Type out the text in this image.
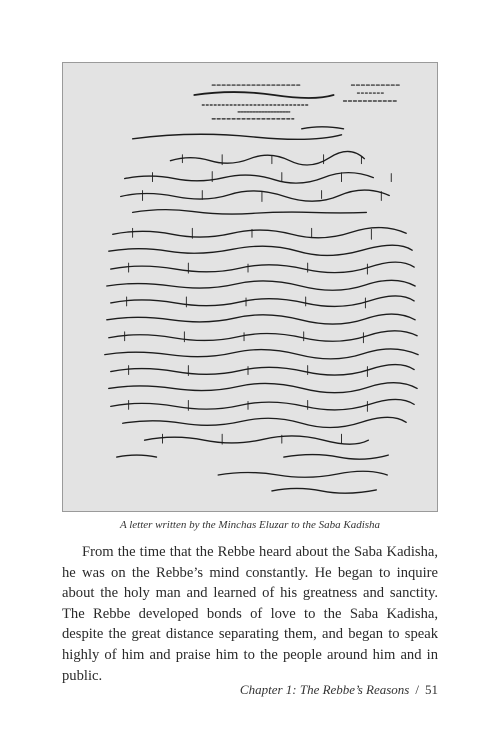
A letter written by the Minchas Eluzar to the Saba Kadisha

From the time that the Rebbe heard about the Saba Kadisha, he was on the Rebbe’s mind constantly. He began to inquire about the holy man and learned of his greatness and sanctity. The Rebbe developed bonds of love to the Saba Kadisha, despite the great distance separating them, and began to speak highly of him and praise him to the people around him and in public.

Chapter 1: The Rebbe’s Reasons / 51
